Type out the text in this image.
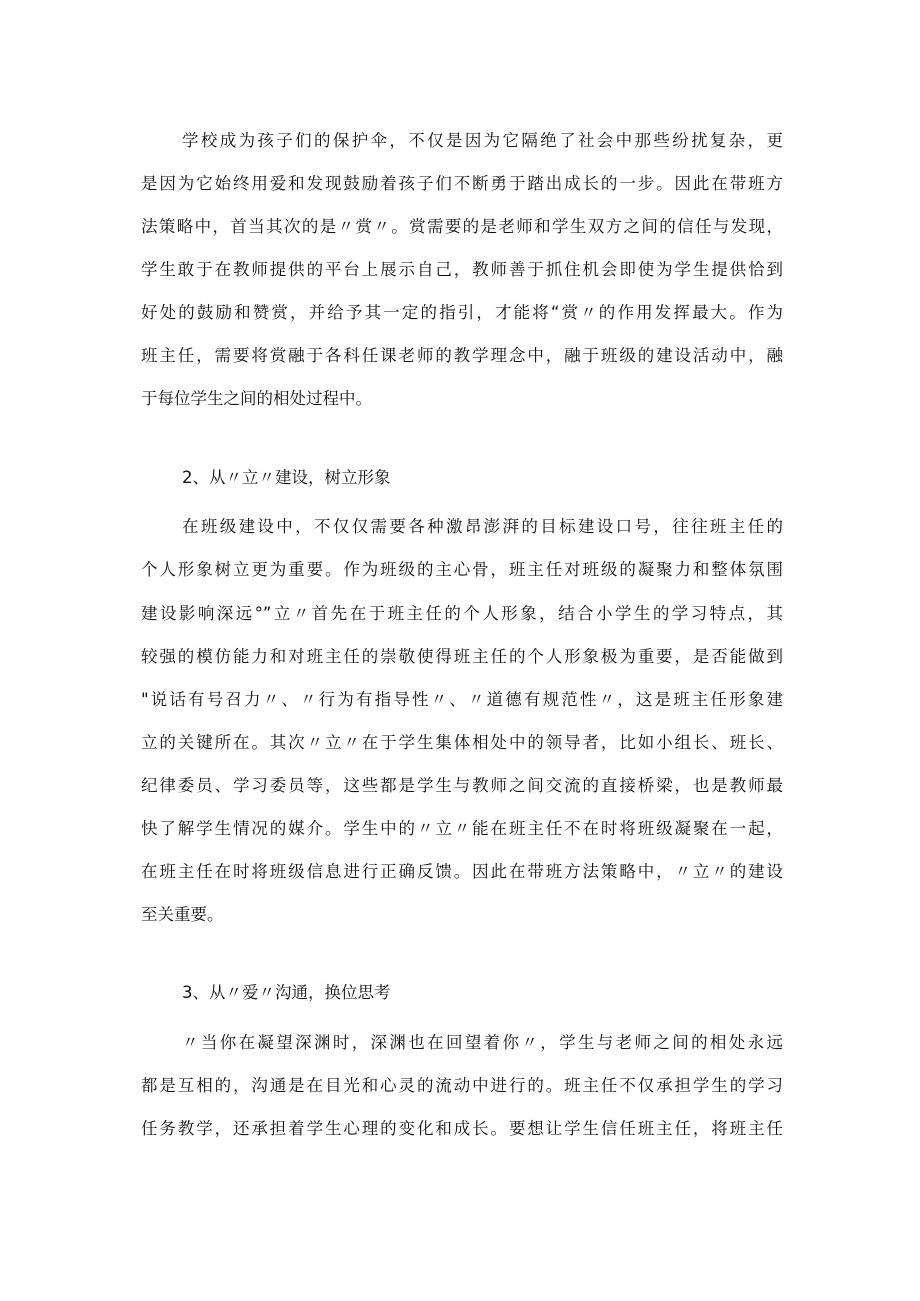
学校成为孩子们的保护伞，不仅是因为它隔绝了社会中那些纷扰复杂，更
是因为它始终用爱和发现鼓励着孩子们不断勇于踏出成长的一步。因此在带班方
法策略中，首当其次的是〃赏〃。赏需要的是老师和学生双方之间的信任与发现，
学生敢于在教师提供的平台上展示自己，教师善于抓住机会即使为学生提供恰到
好处的鼓励和赞赏，并给予其一定的指引，才能将“赏〃的作用发挥最大。作为
班主任，需要将赏融于各科任课老师的教学理念中，融于班级的建设活动中，融
于每位学生之间的相处过程中。
2、从〃立〃建设，树立形象
在班级建设中，不仅仅需要各种激昂澎湃的目标建设口号，往往班主任的
个人形象树立更为重要。作为班级的主心骨，班主任对班级的凝聚力和整体氛围
建设影响深远°”立〃首先在于班主任的个人形象，结合小学生的学习特点，其
较强的模仿能力和对班主任的崇敬使得班主任的个人形象极为重要，是否能做到
"说话有号召力〃、〃行为有指导性〃、〃道德有规范性〃，这是班主任形象建
立的关键所在。其次〃立〃在于学生集体相处中的领导者，比如小组长、班长、
纪律委员、学习委员等，这些都是学生与教师之间交流的直接桥梁，也是教师最
快了解学生情况的媒介。学生中的〃立〃能在班主任不在时将班级凝聚在一起，
在班主任在时将班级信息进行正确反馈。因此在带班方法策略中，〃立〃的建设
至关重要。
3、从〃爱〃沟通，换位思考
〃当你在凝望深渊时，深渊也在回望着你〃，学生与老师之间的相处永远
都是互相的，沟通是在目光和心灵的流动中进行的。班主任不仅承担学生的学习
任务教学，还承担着学生心理的变化和成长。要想让学生信任班主任，将班主任
